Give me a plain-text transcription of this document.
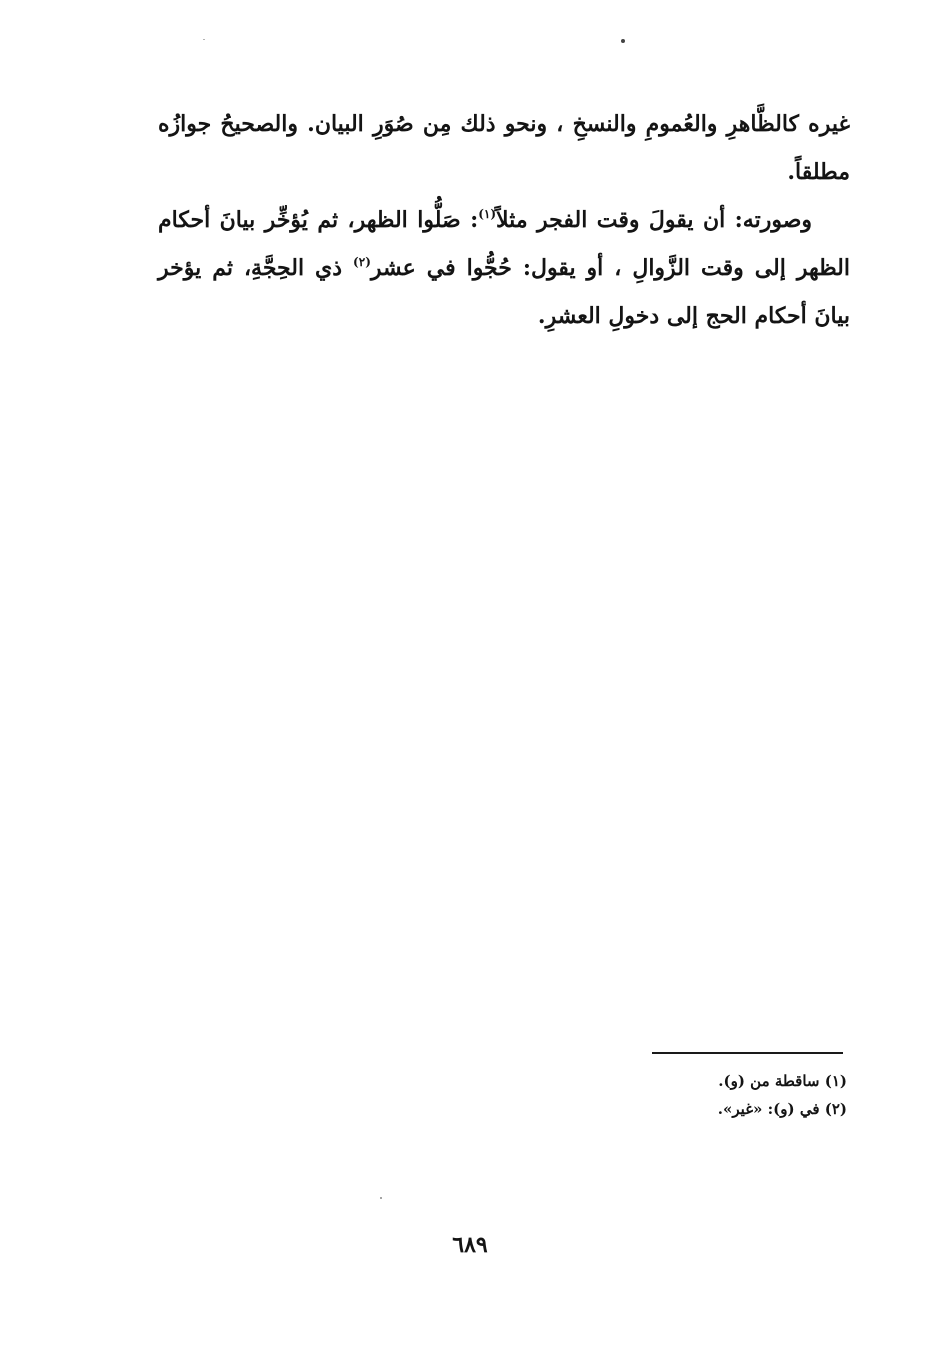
غيره كالظَّاهرِ والعُمومِ والنسخِ ، ونحو ذلك مِن صُوَرِ البيان. والصحيحُ جوازُه مطلقاً.

وصورته: أن يقولَ وقت الفجر مثلاً$^{(١)}$: صَلُّوا الظهر، ثم يُؤخِّر بيانَ أحكام الظهر إلى وقت الزَّوالِ ، أو يقول: حُجُّوا في عشر$^{(٢)}$ ذي الحِجَّةِ، ثم يؤخر بيانَ أحكام الحج إلى دخولِ العشرِ.

(١) ساقطة من (و).

(٢) في (و): «غير».

٦٨٩
